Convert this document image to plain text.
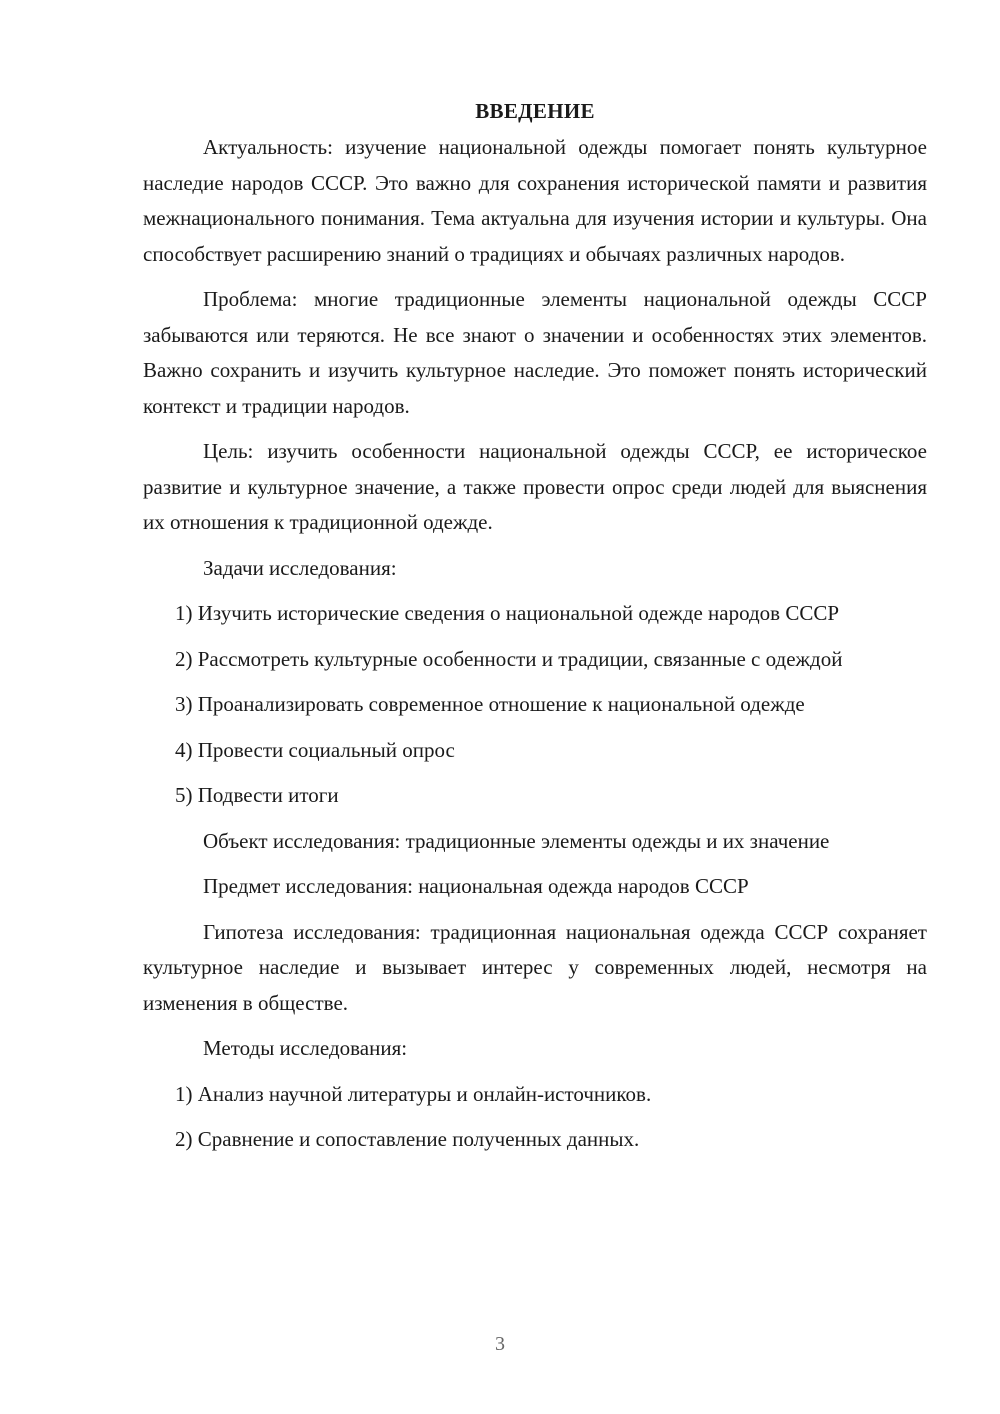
ВВЕДЕНИЕ

Актуальность: изучение национальной одежды помогает понять культурное наследие народов СССР. Это важно для сохранения исторической памяти и развития межнационального понимания. Тема актуальна для изучения истории и культуры. Она способствует расширению знаний о традициях и обычаях различных народов.

Проблема: многие традиционные элементы национальной одежды СССР забываются или теряются. Не все знают о значении и особенностях этих элементов. Важно сохранить и изучить культурное наследие. Это поможет понять исторический контекст и традиции народов.

Цель: изучить особенности национальной одежды СССР, ее историческое развитие и культурное значение, а также провести опрос среди людей для выяснения их отношения к традиционной одежде.

Задачи исследования:

1) Изучить исторические сведения о национальной одежде народов СССР

2) Рассмотреть культурные особенности и традиции, связанные с одеждой

3) Проанализировать современное отношение к национальной одежде

4) Провести социальный опрос

5) Подвести итоги

Объект исследования: традиционные элементы одежды и их значение

Предмет исследования: национальная одежда народов СССР

Гипотеза исследования: традиционная национальная одежда СССР сохраняет культурное наследие и вызывает интерес у современных людей, несмотря на изменения в обществе.

Методы исследования:

1) Анализ научной литературы и онлайн-источников.

2) Сравнение и сопоставление полученных данных.

3
